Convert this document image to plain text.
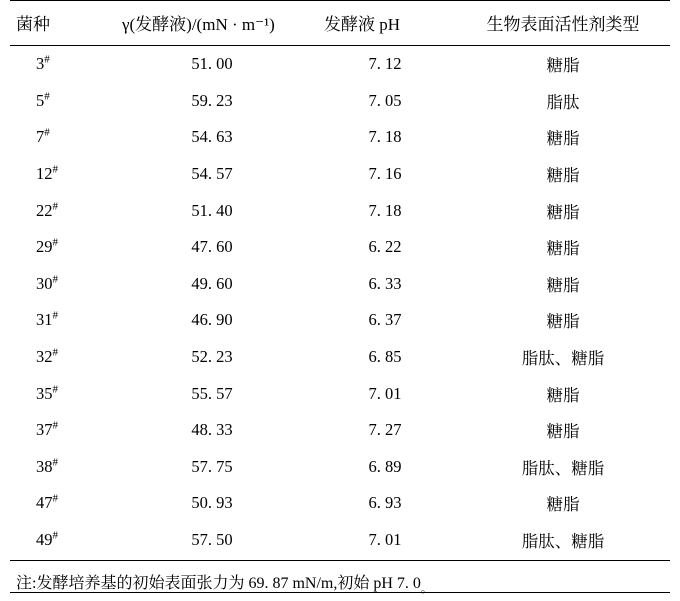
菌种	γ(发酵液)/(mN · m⁻¹)	发酵液 pH	生物表面活性剂类型
3#	51. 00	7. 12	糖脂
5#	59. 23	7. 05	脂肽
7#	54. 63	7. 18	糖脂
12#	54. 57	7. 16	糖脂
22#	51. 40	7. 18	糖脂
29#	47. 60	6. 22	糖脂
30#	49. 60	6. 33	糖脂
31#	46. 90	6. 37	糖脂
32#	52. 23	6. 85	脂肽、糖脂
35#	55. 57	7. 01	糖脂
37#	48. 33	7. 27	糖脂
38#	57. 75	6. 89	脂肽、糖脂
47#	50. 93	6. 93	糖脂
49#	57. 50	7. 01	脂肽、糖脂
注:发酵培养基的初始表面张力为 69. 87 mN/m,初始 pH 7. $0_。$
